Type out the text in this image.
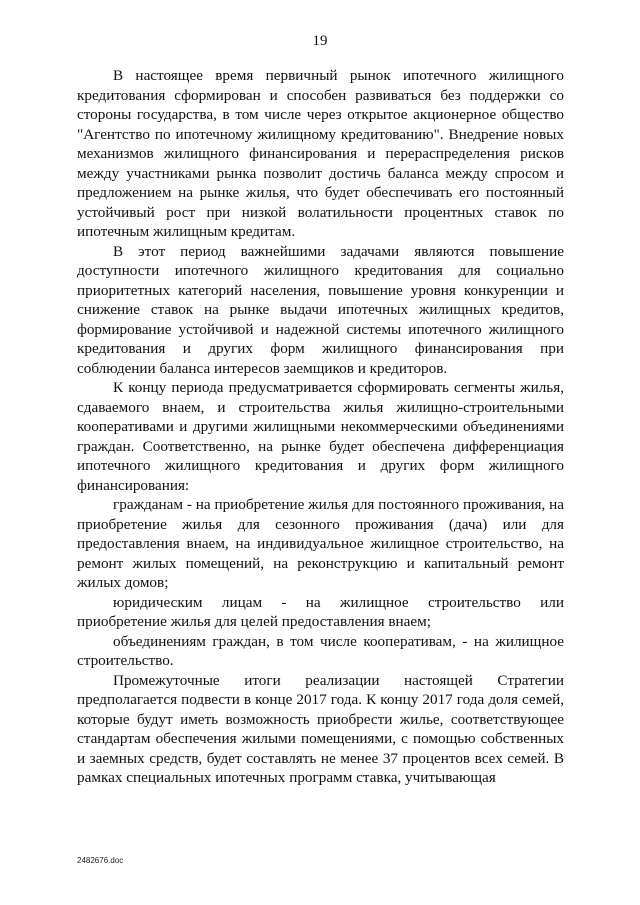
19

В настоящее время первичный рынок ипотечного жилищного кредитования сформирован и способен развиваться без поддержки со стороны государства, в том числе через открытое акционерное общество "Агентство по ипотечному жилищному кредитованию". Внедрение новых механизмов жилищного финансирования и перераспределения рисков между участниками рынка позволит достичь баланса между спросом и предложением на рынке жилья, что будет обеспечивать его постоянный устойчивый рост при низкой волатильности процентных ставок по ипотечным жилищным кредитам.

В этот период важнейшими задачами являются повышение доступности ипотечного жилищного кредитования для социально приоритетных категорий населения, повышение уровня конкуренции и снижение ставок на рынке выдачи ипотечных жилищных кредитов, формирование устойчивой и надежной системы ипотечного жилищного кредитования и других форм жилищного финансирования при соблюдении баланса интересов заемщиков и кредиторов.

К концу периода предусматривается сформировать сегменты жилья, сдаваемого внаем, и строительства жилья жилищно-строительными кооперативами и другими жилищными некоммерческими объединениями граждан. Соответственно, на рынке будет обеспечена дифференциация ипотечного жилищного кредитования и других форм жилищного финансирования:

гражданам - на приобретение жилья для постоянного проживания, на приобретение жилья для сезонного проживания (дача) или для предоставления внаем, на индивидуальное жилищное строительство, на ремонт жилых помещений, на реконструкцию и капитальный ремонт жилых домов;

юридическим лицам - на жилищное строительство или приобретение жилья для целей предоставления внаем;

объединениям граждан, в том числе кооперативам, - на жилищное строительство.

Промежуточные итоги реализации настоящей Стратегии предполагается подвести в конце 2017 года. К концу 2017 года доля семей, которые будут иметь возможность приобрести жилье, соответствующее стандартам обеспечения жилыми помещениями, с помощью собственных и заемных средств, будет составлять не менее 37 процентов всех семей. В рамках специальных ипотечных программ ставка, учитывающая

2482676.doc
